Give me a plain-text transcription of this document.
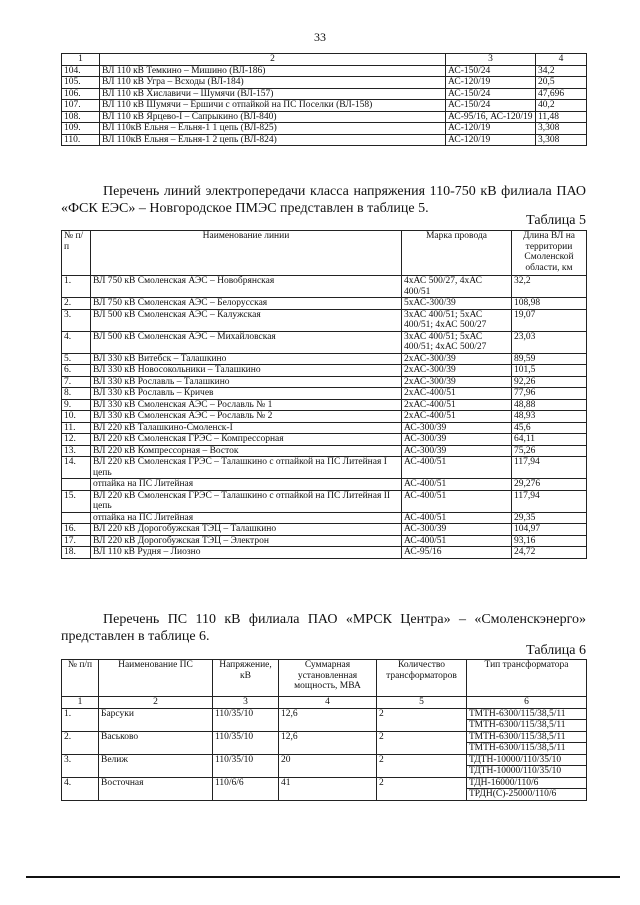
33
1	2	3	4
104.	ВЛ 110 кВ Темкино – Мишино (ВЛ-186)	АС-150/24	34,2
105.	ВЛ 110 кВ Угра – Всходы (ВЛ-184)	АС-120/19	20,5
106.	ВЛ 110 кВ Хиславичи – Шумячи (ВЛ-157)	АС-150/24	47,696
107.	ВЛ 110 кВ Шумячи – Ершичи с отпайкой на ПС Поселки (ВЛ-158)	АС-150/24	40,2
108.	ВЛ 110 кВ Ярцево-I – Сапрыкино (ВЛ-840)	АС-95/16, АС-120/19	11,48
109.	ВЛ 110кВ Ельня – Ельня-1 1 цепь (ВЛ-825)	АС-120/19	3,308
110.	ВЛ 110кВ Ельня – Ельня-1 2 цепь (ВЛ-824)	АС-120/19	3,308
Перечень линий электропередачи класса напряжения 110-750 кВ филиала ПАО «ФСК ЕЭС» – Новгородское ПМЭС представлен в таблице 5.
Таблица 5
№ п/п	Наименование линии	Марка провода	Длина ВЛ на территории Смоленской области, км
1.	ВЛ 750 кВ Смоленская АЭС – Новобрянская	4хАС 500/27, 4хАС 400/51	32,2
2.	ВЛ 750 кВ Смоленская АЭС – Белорусская	5хАС-300/39	108,98
3.	ВЛ 500 кВ Смоленская АЭС – Калужская	3хАС 400/51; 5хАС 400/51; 4хАС 500/27	19,07
4.	ВЛ 500 кВ Смоленская АЭС – Михайловская	3хАС 400/51; 5хАС 400/51; 4хАС 500/27	23,03
5.	ВЛ 330 кВ Витебск – Талашкино	2хАС-300/39	89,59
6.	ВЛ 330 кВ Новосокольники – Талашкино	2хАС-300/39	101,5
7.	ВЛ 330 кВ Рославль – Талашкино	2хАС-300/39	92,26
8.	ВЛ 330 кВ Рославль – Кричев	2хАС-400/51	77,96
9.	ВЛ 330 кВ Смоленская АЭС – Рославль № 1	2хАС-400/51	48,88
10.	ВЛ 330 кВ Смоленская АЭС – Рославль № 2	2хАС-400/51	48,93
11.	ВЛ 220 кВ Талашкино-Смоленск-I	АС-300/39	45,6
12.	ВЛ 220 кВ Смоленская ГРЭС – Компрессорная	АС-300/39	64,11
13.	ВЛ 220 кВ Компрессорная – Восток	АС-300/39	75,26
14.	ВЛ 220 кВ Смоленская ГРЭС – Талашкино с отпайкой на ПС Литейная I цепь	АС-400/51	117,94
	отпайка на ПС Литейная	АС-400/51	29,276
15.	ВЛ 220 кВ Смоленская ГРЭС – Талашкино с отпайкой на ПС Литейная II цепь	АС-400/51	117,94
	отпайка на ПС Литейная	АС-400/51	29,35
16.	ВЛ 220 кВ Дорогобужская ТЭЦ – Талашкино	АС-300/39	104,97
17.	ВЛ 220 кВ Дорогобужская ТЭЦ – Электрон	АС-400/51	93,16
18.	ВЛ 110 кВ Рудня – Лиозно	АС-95/16	24,72
Перечень ПС 110 кВ филиала ПАО «МРСК Центра» – «Смоленскэнерго» представлен в таблице 6.
Таблица 6
№ п/п	Наименование ПС	Напряжение, кВ	Суммарная установленная мощность, МВА	Количество трансформаторов	Тип трансформатора
1	2	3	4	5	6
1.	Барсуки	110/35/10	12,6	2	ТМТН-6300/115/38,5/11
					ТМТН-6300/115/38,5/11
2.	Васьково	110/35/10	12,6	2	ТМТН-6300/115/38,5/11
					ТМТН-6300/115/38,5/11
3.	Велиж	110/35/10	20	2	ТДТН-10000/110/35/10
					ТДТН-10000/110/35/10
4.	Восточная	110/6/6	41	2	ТДН-16000/110/6
					ТРДН(С)-25000/110/6
